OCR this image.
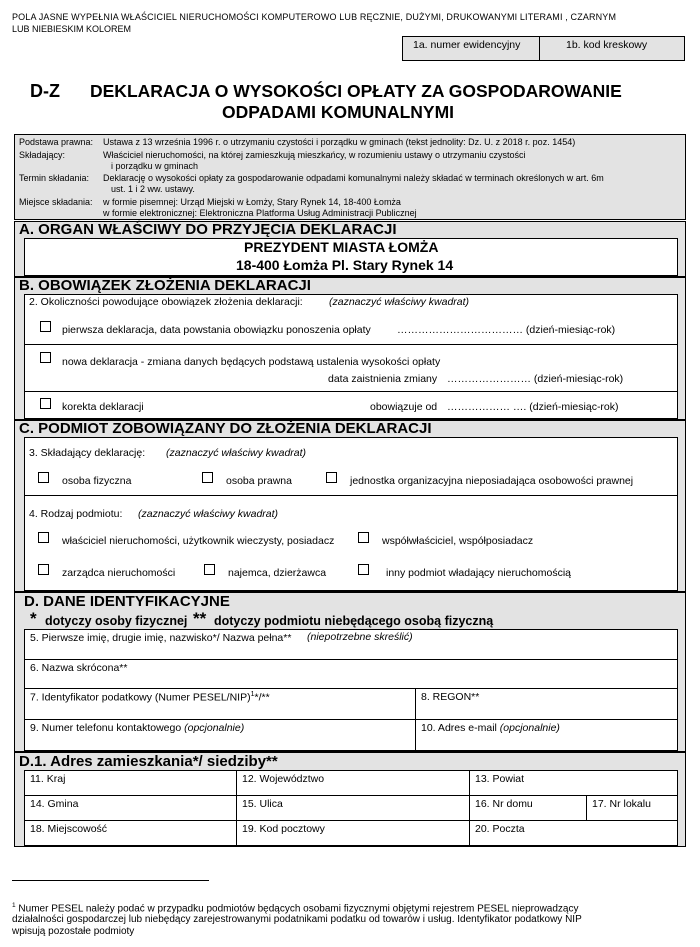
POLA JASNE WYPEŁNIA WŁAŚCICIEL NIERUCHOMOŚCI KOMPUTEROWO LUB RĘCZNIE, DUŻYMI, DRUKOWANYMI LITERAMI , CZARNYM
LUB NIEBIESKIM KOLOREM
1a. numer ewidencyjny	1b. kod kreskowy
D-Z DEKLARACJA O WYSOKOŚCI OPŁATY ZA GOSPODAROWANIE
ODPADAMI KOMUNALNYMI
Podstawa prawna: Ustawa z 13 września 1996 r. o utrzymaniu czystości i porządku w gminach (tekst jednolity: Dz. U. z 2018 r. poz. 1454)
Składający:	Właściciel nieruchomości, na której zamieszkują mieszkańcy, w rozumieniu ustawy o utrzymaniu czystości
i porządku w gminach
Termin składania: Deklarację o wysokości opłaty za gospodarowanie odpadami komunalnymi należy składać w terminach określonych w art. 6m
ust. 1 i 2 ww. ustawy.
Miejsce składania: w formie pisemnej: Urząd Miejski w Łomży, Stary Rynek 14, 18-400 Łomża
w formie elektronicznej: Elektroniczna Platforma Usług Administracji Publicznej
A. ORGAN WŁAŚCIWY DO PRZYJĘCIA DEKLARACJI
PREZYDENT MIASTA ŁOMŻA
18-400 Łomża Pl. Stary Rynek 14
B. OBOWIĄZEK ZŁOŻENIA DEKLARACJI
2. Okoliczności powodujące obowiązek złożenia deklaracji:	(zaznaczyć właściwy kwadrat)
pierwsza deklaracja, data powstania obowiązku ponoszenia opłaty ……………………………… (dzień-miesiąc-rok)
nowa deklaracja - zmiana danych będących podstawą ustalenia wysokości opłaty
data zaistnienia zmiany …………………… (dzień-miesiąc-rok)
korekta deklaracji	obowiązuje od ……………… …. (dzień-miesiąc-rok)
C. PODMIOT ZOBOWIĄZANY DO ZŁOŻENIA DEKLARACJI
3. Składający deklarację: (zaznaczyć właściwy kwadrat)
osoba fizyczna	osoba prawna	jednostka organizacyjna nieposiadająca osobowości prawnej
4. Rodzaj podmiotu: (zaznaczyć właściwy kwadrat)
właściciel nieruchomości, użytkownik wieczysty, posiadacz	współwłaściciel, współposiadacz
zarządca nieruchomości	najemca, dzierżawca	inny podmiot władający nieruchomością
D. DANE IDENTYFIKACYJNE
* dotyczy osoby fizycznej ** dotyczy podmiotu niebędącego osobą fizyczną
5. Pierwsze imię, drugie imię, nazwisko*/ Nazwa pełna** (niepotrzebne skreślić)
6. Nazwa skrócona**
7. Identyfikator podatkowy (Numer PESEL/NIP)$^1$*/**	8. REGON**
9. Numer telefonu kontaktowego (opcjonalnie)	10. Adres e-mail (opcjonalnie)
D.1. Adres zamieszkania*/ siedziby**
11. Kraj	12. Województwo	13. Powiat
14. Gmina	15. Ulica	16. Nr domu	17. Nr lokalu
18. Miejscowość	19. Kod pocztowy	20. Poczta
$^1$ Numer PESEL należy podać w przypadku podmiotów będących osobami fizycznymi objętymi rejestrem PESEL nieprowadzący
działalności gospodarczej lub niebędący zarejestrowanymi podatnikami podatku od towarów i usług. Identyfikator podatkowy NIP
wpisują pozostałe podmioty
